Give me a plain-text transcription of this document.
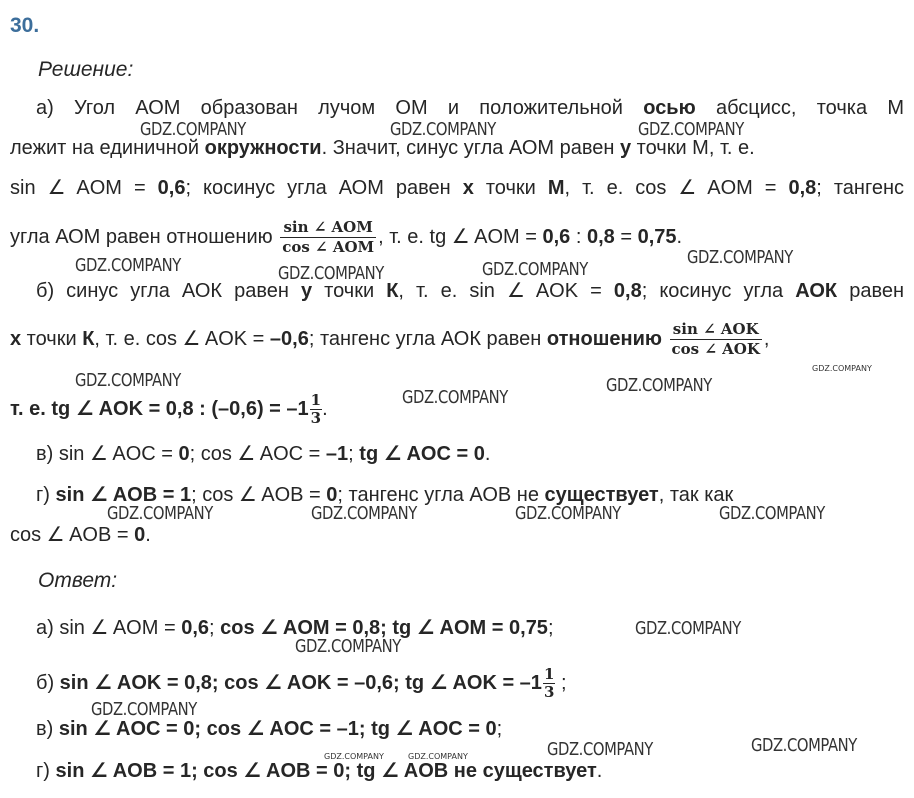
30.
Решение:
а) Угол АОМ образован лучом ОМ и положительной осью абсцисс, точка М
лежит на единичной окружности. Значит, синус угла АОМ равен у точки М, т. е.
sin ∠ AOM = 0,6; косинус угла АОМ равен х точки М, т. е. cos ∠ AOM = 0,8; тангенс
угла АОМ равен отношению $\frac{\text{sin ∠ AOM}}{\text{cos ∠ AOM}}$ , т. е. tg ∠ AOM = 0,6 : 0,8 = 0,75.
б) синус угла АОК равен у точки К, т. е. sin ∠ AOK = 0,8; косинус угла АОК равен
х точки К, т. е. cos ∠ AOK = –0,6; тангенс угла АОК равен отношению $\frac{\text{sin ∠ AOK}}{\text{cos ∠ AOK}}$ ,
т. е. tg ∠ AOK = 0,8 : $(-0,6) = -1 \frac{1}{3}$ .
в) sin ∠ AOC = 0; cos ∠ AOC = –1; tg ∠ AOC = 0.
г) sin ∠ AOB = 1; cos ∠ AOB = 0; тангенс угла АОВ не существует, так как
cos ∠ AOB = 0.
Ответ:
а) sin ∠ AOM = 0,6; cos ∠ AOM = 0,8; tg ∠ AOM = 0,75;
б) sin ∠ AOK = 0,8; cos ∠ AOK = –0,6; tg ∠ AOK = $-1 \frac{1}{3}$ ;
в) sin ∠ AOC = 0; cos ∠ AOC = –1; tg ∠ AOC = 0;
г) sin ∠ AOB = 1; cos ∠ AOB = 0; tg ∠ AOB не существует.
GDZ.COMPANY	GDZ.COMPANY	GDZ.COMPANY
GDZ.COMPANY	GDZ.COMPANY	GDZ.COMPANY
GDZ.COMPANY
GDZ.COMPANY
GDZ.COMPANY
GDZ.COMPANY
GDZ.COMPANY
GDZ.COMPANY	GDZ.COMPANY	GDZ.COMPANY	GDZ.COMPANY
GDZ.COMPANY
GDZ.COMPANY
GDZ.COMPANY
GDZ.COMPANY	GDZ.COMPANY
GDZ.COMPANY	GDZ.COMPANY
